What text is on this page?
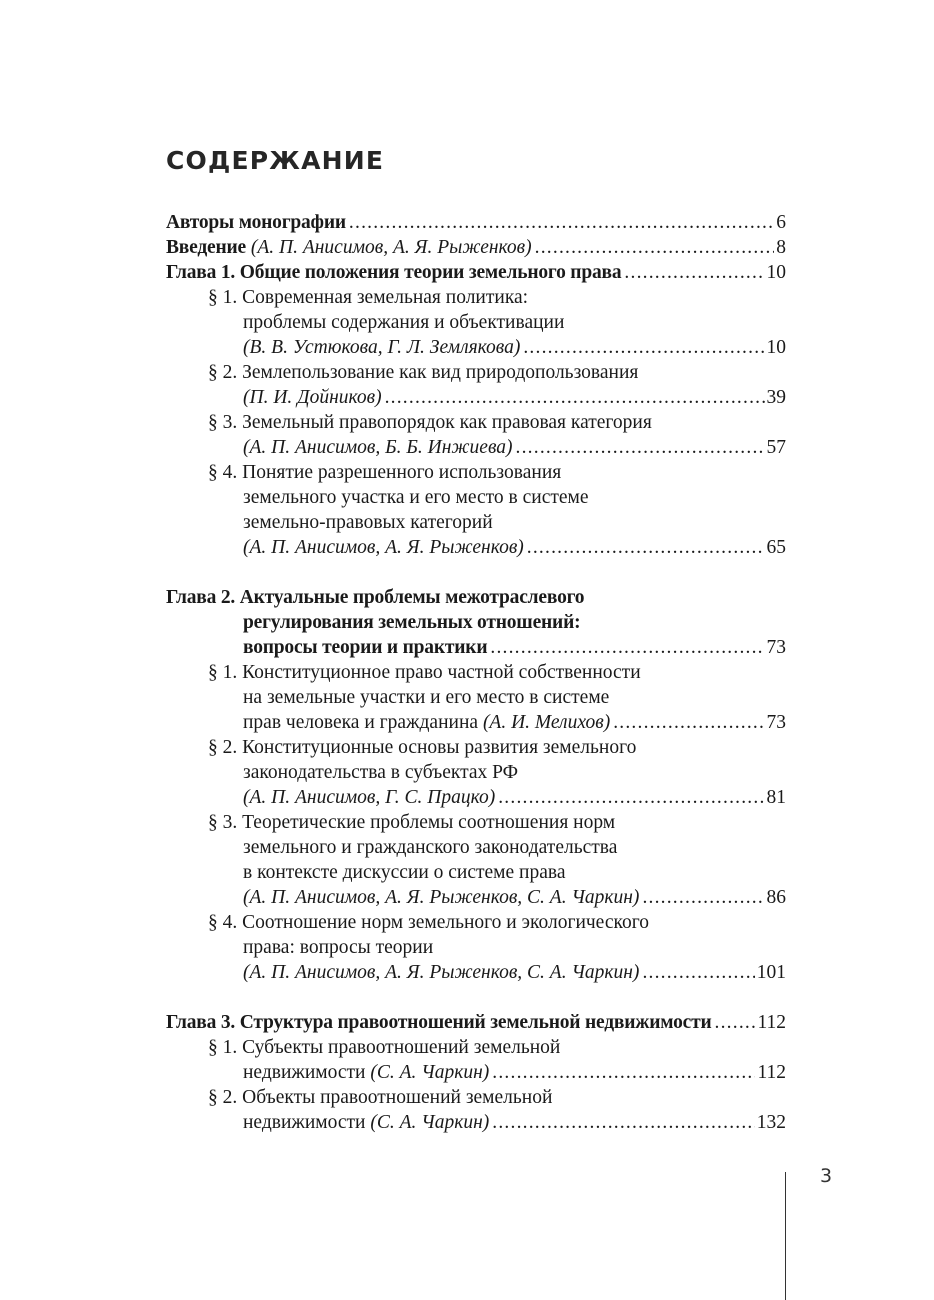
СОДЕРЖАНИЕ
Авторы монографии .....	6
Введение
(А. П. Анисимов, А. Я. Рыженков) .....	8
Глава 1. Общие положения теории земельного права .....	10
§ 1. Современная земельная политика:
проблемы содержания и объективации
(В. В. Устюкова, Г. Л. Землякова) .....	10
§ 2. Землепользование как вид природопользования
(П. И. Дойников) .....	39
§ 3. Земельный правопорядок как правовая категория
(А. П. Анисимов, Б. Б. Инжиева) .....	57
§ 4. Понятие разрешенного использования
земельного участка и его место в системе
земельно-правовых категорий
(А. П. Анисимов, А. Я. Рыженков) .....	65
Глава 2. Актуальные проблемы межотраслевого
регулирования земельных отношений:
вопросы теории и практики .....	73
§ 1. Конституционное право частной собственности
на земельные участки и его место в системе
прав человека и гражданина
(А. И. Мелихов) .....	73
§ 2. Конституционные основы развития земельного
законодательства в субъектах РФ
(А. П. Анисимов, Г. С. Працко) .....	81
§ 3. Теоретические проблемы соотношения норм
земельного и гражданского законодательства
в контексте дискуссии о системе права
(А. П. Анисимов, А. Я. Рыженков, С. А. Чаркин) .....	86
§ 4. Соотношение норм земельного и экологического
права: вопросы теории
(А. П. Анисимов, А. Я. Рыженков, С. А. Чаркин) .....	101
Глава 3. Структура правоотношений земельной недвижимости ..... 112
§ 1. Субъекты правоотношений земельной
недвижимости
(С. А. Чаркин) .....	112
§ 2. Объекты правоотношений земельной
недвижимости
(С. А. Чаркин) .....	132
3
